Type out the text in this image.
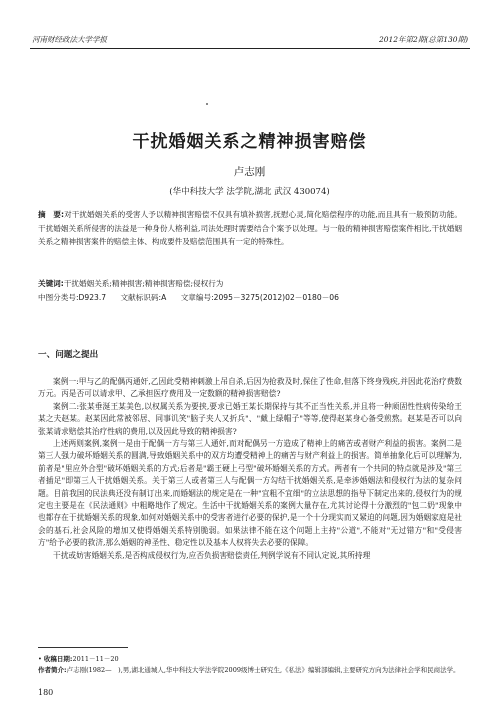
河南财经政法大学学报	2012年第2期(总第130期)
干扰婚姻关系之精神损害赔偿
卢志刚
(华中科技大学 法学院,湖北 武汉 430074)
摘　要:对干扰婚姻关系的受害人予以精神损害赔偿不仅具有填补损害,抚慰心灵,简化赔偿程序的功能,而且具有一般预防功能。干扰婚姻关系所侵害的法益是一种身份人格利益,司法处理时需要结合个案予以处理。与一般的精神损害赔偿案件相比,干扰婚姻关系之精神损害案件的赔偿主体、构成要件及赔偿范围具有一定的特殊性。
关键词:干扰婚姻关系;精神损害;精神损害赔偿;侵权行为
中图分类号:D923.7 文献标识码:A 文章编号:2095－3275(2012)02－0180－06
一、问题之提出

案例一:甲与乙的配偶丙通奸,乙因此受精神刺激上吊自杀,后因为抢救及时,保住了性命,但落下终身残疾,并因此花治疗费数万元。丙是否可以请求甲、乙承担医疗费用及一定数额的精神损害赔偿?

案例二:张某垂涎王某美色,以权属关系为要挟,要求已婚王某长期保持与其不正当性关系,并且将一种顽固性性病传染给王某之夫赵某。赵某因此常被邻居、同事讥笑"脑子夹人又折兵"、"戴上绿帽子"等等,使得赵某身心备受煎熬。赵某是否可以向张某请求赔偿其治疗性病的费用,以及因此导致的精神损害?

上述两则案例,案例一是由于配偶一方与第三人通奸,而对配偶另一方造成了精神上的痛苦或者财产利益的损害。案例二是第三人强力破坏婚姻关系的圆满,导致婚姻关系中的双方均遭受精神上的痛苦与财产利益上的损害。简单抽象化后可以理解为,前者是"里应外合型"破坏婚姻关系的方式;后者是"霸王硬上弓型"破坏婚姻关系的方式。两者有一个共同的特点就是涉及"第三者插足"即第三人干扰婚姻关系。关于第三人或者第三人与配偶一方勾结干扰婚姻关系,是牵涉婚姻法和侵权行为法的复杂问题。目前我国的民法典还没有制订出来,而婚姻法的规定是在一种"宜粗不宜细"的立法思想的指导下制定出来的,侵权行为的规定也主要是在《民法通则》中粗略地作了规定。生活中干扰婚姻关系的案例大量存在,尤其讨论得十分激烈的"包二奶"现象中也都存在于扰婚姻关系的现象,如何对婚姻关系中的受害者进行必要的保护,是一个十分现实而又紧迫的问题,因为婚姻家庭是社会的基石,社会风险的增加又使得婚姻关系特别脆弱。如果法律不能在这个问题上主持"公道",不能对"无过错方"和"受侵害方"给予必要的救济,那么婚姻的神圣性、稳定性以及基本人权将失去必要的保障。

干扰或妨害婚姻关系,是否构成侵权行为,应否负损害赔偿责任,判例学说有不同认定说,其所持理

• 收稿日期:2011－11－20
作者简介:卢志刚(1982—　),男,湖北通城人,华中科技大学法学院2009级博士研究生,《私法》编辑部编辑,主要研究方向为法律社会学和民商法学。
180
